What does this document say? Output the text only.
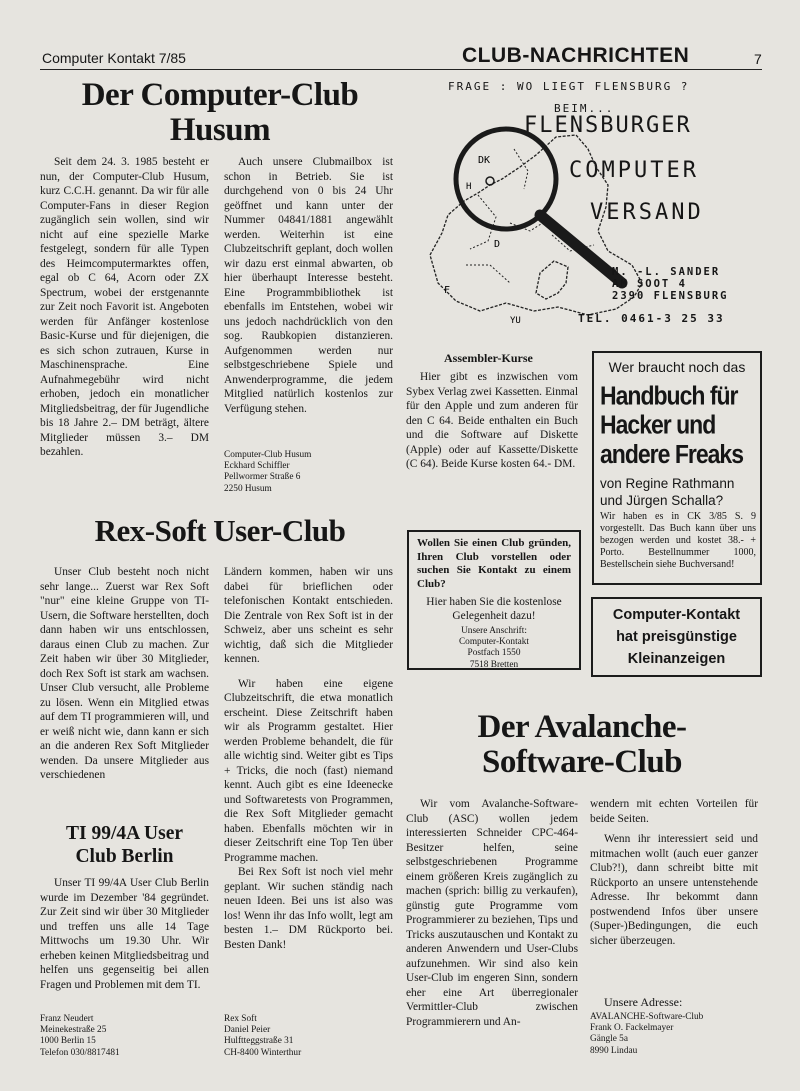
Computer Kontakt 7/85	CLUB-NACHRICHTEN	7
Der Computer-Club
Husum

Seit dem 24. 3. 1985 besteht er nun, der Computer-Club Husum, kurz C.C.H. genannt. Da wir für alle Computer-Fans in dieser Region zugänglich sein wollen, sind wir nicht auf eine spezielle Marke festgelegt, sondern für alle Typen des Heimcomputermarktes offen, egal ob C 64, Acorn oder ZX Spectrum, wobei der erstgenannte zur Zeit noch Favorit ist. Angeboten werden für Anfänger kostenlose Basic-Kurse und für diejenigen, die es sich schon zutrauen, Kurse in Maschinensprache. Eine Aufnahmegebühr wird nicht erhoben, jedoch ein monatlicher Mitgliedsbeitrag, der für Jugendliche bis 18 Jahre 2.– DM beträgt, ältere Mitglieder müssen 3.– DM bezahlen.

Auch unsere Clubmailbox ist schon in Betrieb. Sie ist durchgehend von 0 bis 24 Uhr geöffnet und kann unter der Nummer 04841/1881 angewählt werden. Weiterhin ist eine Clubzeitschrift geplant, doch wollen wir dazu erst einmal abwarten, ob hier überhaupt Interesse besteht. Eine Programmbibliothek ist ebenfalls im Entstehen, wobei wir uns jedoch nachdrücklich von den sog. Raubkopien distanzieren. Aufgenommen werden nur selbstgeschriebene Spiele und Anwenderprogramme, die jedem Mitglied natürlich kostenlos zur Verfügung stehen.

Computer-Club Husum
Eckhard Schiffler
Pellwormer Straße 6
2250 Husum
Rex-Soft User-Club

Unser Club besteht noch nicht sehr lange... Zuerst war Rex Soft "nur" eine kleine Gruppe von TI-Usern, die Software herstellten, doch dann haben wir uns entschlossen, daraus einen Club zu machen. Zur Zeit haben wir über 30 Mitglieder, doch Rex Soft ist stark am wachsen. Unser Club versucht, alle Probleme zu lösen. Wenn ein Mitglied etwas auf dem TI programmieren will, und er weiß nicht wie, dann kann er sich an die anderen Rex Soft Mitglieder wenden. Da unsere Mitglieder aus verschiedenen

Ländern kommen, haben wir uns dabei für brieflichen oder telefonischen Kontakt entschieden. Die Zentrale von Rex Soft ist in der Schweiz, aber uns scheint es sehr wichtig, daß sich die Mitglieder kennen.

Wir haben eine eigene Clubzeitschrift, die etwa monatlich erscheint. Diese Zeitschrift haben wir als Programm gestaltet. Hier werden Probleme behandelt, die für alle wichtig sind. Weiter gibt es Tips + Tricks, die noch (fast) niemand kennt. Auch gibt es eine Ideenecke und Softwaretests von Programmen, die Rex Soft Mitglieder gemacht haben. Ebenfalls möchten wir in dieser Zeitschrift eine Top Ten über Programme machen.

Bei Rex Soft ist noch viel mehr geplant. Wir suchen ständig nach neuen Ideen. Bei uns ist also was los! Wenn ihr das Info wollt, legt am besten 1.– DM Rückporto bei. Besten Dank!

Rex Soft
Daniel Peier
Hulftteggstraße 31
CH-8400 Winterthur
TI 99/4A User
Club Berlin

Unser TI 99/4A User Club Berlin wurde im Dezember '84 gegründet. Zur Zeit sind wir über 30 Mitglieder und treffen uns alle 14 Tage Mittwochs um 19.30 Uhr. Wir erheben keinen Mitgliedsbeitrag und helfen uns gegenseitig bei allen Fragen und Problemen mit dem TI.

Franz Neudert
Meinekestraße 25
1000 Berlin 15
Telefon 030/8817481
FRAGE : WO LIEGT FLENSBURG ?
BEIM...
FLENSBURGER
COMPUTER
VERSAND
DK
D
F
H
YU
M. -L. SANDER
AM SOOT 4
2390 FLENSBURG
TEL. 0461-3 25 33
Assembler-Kurse

Hier gibt es inzwischen vom Sybex Verlag zwei Kassetten. Einmal für den Apple und zum anderen für den C 64. Beide enthalten ein Buch und die Software auf Diskette (Apple) oder auf Kassette/Diskette (C 64). Beide Kurse kosten 64.- DM.

Wer braucht noch das
Handbuch für
Hacker und
andere Freaks
von Regine Rathmann und Jürgen Schalla?
Wir haben es in CK 3/85 S. 9 vorgestellt. Das Buch kann über uns bezogen werden und kostet 38.- + Porto. Bestellnummer 1000, Bestellschein siehe Buchversand!
Wollen Sie einen Club gründen, Ihren Club vorstellen oder suchen Sie Kontakt zu einem Club?
Hier haben Sie die kostenlose Gelegenheit dazu!
Unsere Anschrift:
Computer-Kontakt
Postfach 1550
7518 Bretten
Computer-Kontakt
hat preisgünstige
Kleinanzeigen
Der Avalanche-
Software-Club

Wir vom Avalanche-Software-Club (ASC) wollen jedem interessierten Schneider CPC-464-Besitzer helfen, seine selbstgeschriebenen Programme einem größeren Kreis zugänglich zu machen (sprich: billig zu verkaufen), günstig gute Programme vom Programmierer zu beziehen, Tips und Tricks auszutauschen und Kontakt zu anderen Anwendern und User-Clubs aufzunehmen. Wir sind also kein User-Club im engeren Sinn, sondern eher eine Art überregionaler Vermittler-Club zwischen Programmierern und An-

wendern mit echten Vorteilen für beide Seiten.

Wenn ihr interessiert seid und mitmachen wollt (auch euer ganzer Club?!), dann schreibt bitte mit Rückporto an unsere untenstehende Adresse. Ihr bekommt dann postwendend Infos über unsere (Super-)Bedingungen, die euch sicher überzeugen.

Unsere Adresse:
AVALANCHE-Software-Club
Frank O. Fackelmayer
Gängle 5a
8990 Lindau
